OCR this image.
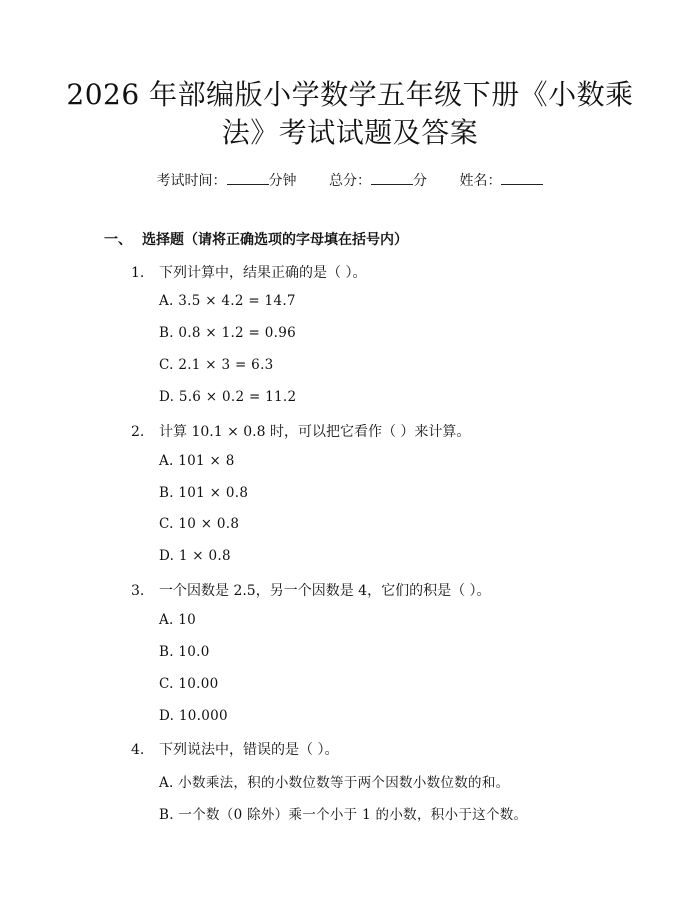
2026 年部编版小学数学五年级下册《小数乘
法》考试试题及答案
考试时间：	分钟 总分：	分 姓名：
一、 选择题（请将正确选项的字母填在括号内）
1. 下列计算中，结果正确的是（ ）。
A. 3.5 × 4.2 = 14.7
B. 0.8 × 1.2 = 0.96
C. 2.1 × 3 = 6.3
D. 5.6 × 0.2 = 11.2
2. 计算 10.1 × 0.8 时，可以把它看作（ ）来计算。
A. 101 × 8
B. 101 × 0.8
C. 10 × 0.8
D. 1 × 0.8
3. 一个因数是 2.5，另一个因数是 4，它们的积是（ ）。
A. 10
B. 10.0
C. 10.00
D. 10.000
4. 下列说法中，错误的是（ ）。
A. 小数乘法，积的小数位数等于两个因数小数位数的和。
B. 一个数（0 除外）乘一个小于 1 的小数，积小于这个数。
